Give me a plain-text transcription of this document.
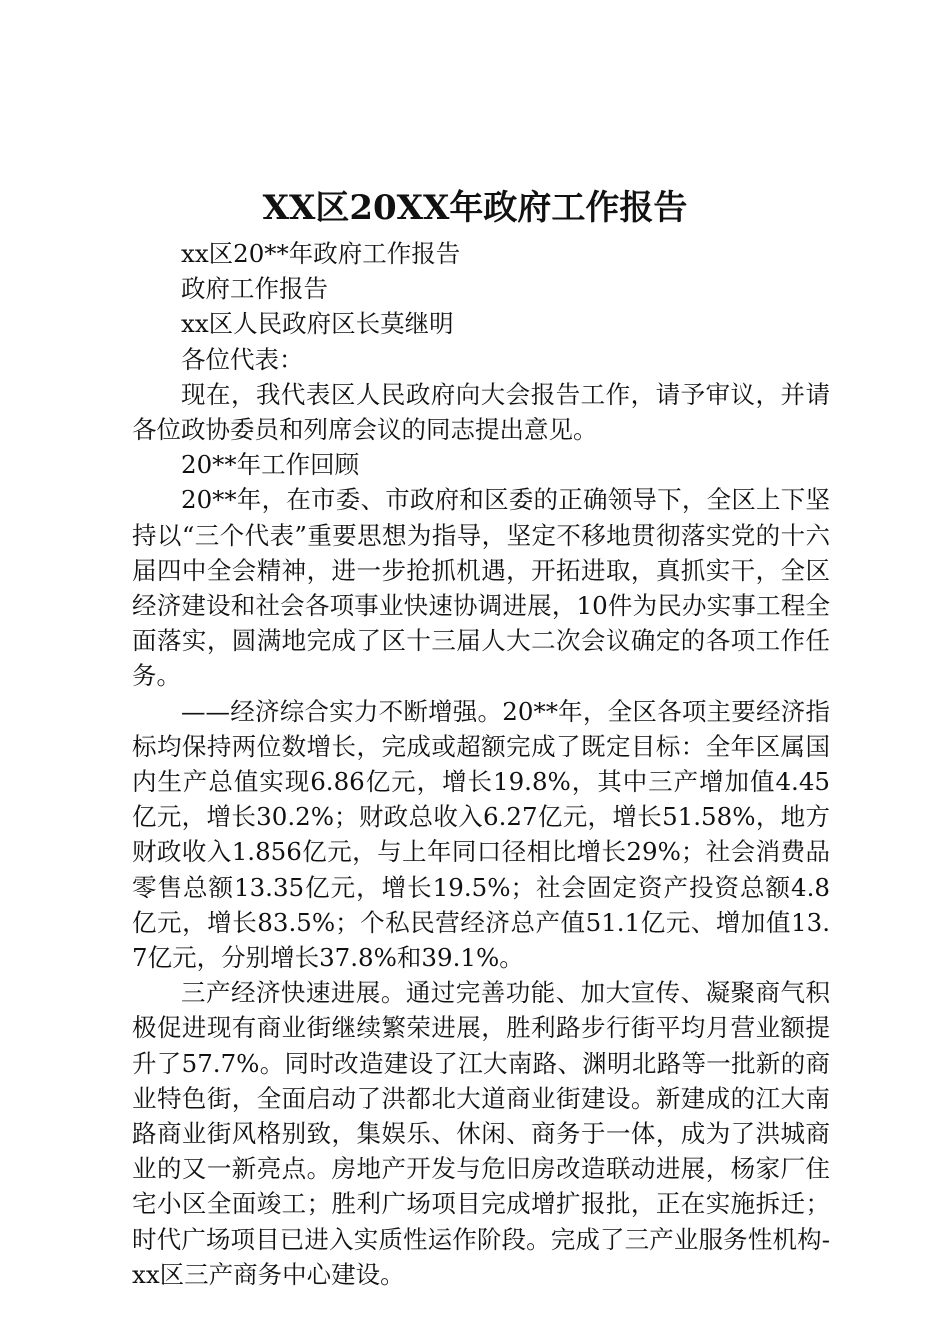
XX区20XX年政府工作报告

xx区20**年政府工作报告

政府工作报告

xx区人民政府区长莫继明

各位代表：

现在，我代表区人民政府向大会报告工作，请予审议，并请各位政协委员和列席会议的同志提出意见。

20**年工作回顾

20**年，在市委、市政府和区委的正确领导下，全区上下坚持以“三个代表”重要思想为指导，坚定不移地贯彻落实党的十六届四中全会精神，进一步抢抓机遇，开拓进取，真抓实干，全区经济建设和社会各项事业快速协调进展，10件为民办实事工程全面落实，圆满地完成了区十三届人大二次会议确定的各项工作任务。

——经济综合实力不断增强。20**年，全区各项主要经济指标均保持两位数增长，完成或超额完成了既定目标：全年区属国内生产总值实现6.86亿元，增长19.8%，其中三产增加值4.45亿元，增长30.2%；财政总收入6.27亿元，增长51.58%，地方财政收入1.856亿元，与上年同口径相比增长29%；社会消费品零售总额13.35亿元，增长19.5%；社会固定资产投资总额4.8亿元，增长83.5%；个私民营经济总产值51.1亿元、增加值13.7亿元，分别增长37.8%和39.1%。

三产经济快速进展。通过完善功能、加大宣传、凝聚商气积极促进现有商业街继续繁荣进展，胜利路步行街平均月营业额提升了57.7%。同时改造建设了江大南路、渊明北路等一批新的商业特色街，全面启动了洪都北大道商业街建设。新建成的江大南路商业街风格别致，集娱乐、休闲、商务于一体，成为了洪城商业的又一新亮点。房地产开发与危旧房改造联动进展，杨家厂住宅小区全面竣工；胜利广场项目完成增扩报批，正在实施拆迁；时代广场项目已进入实质性运作阶段。完成了三产业服务性机构-xx区三产商务中心建设。
